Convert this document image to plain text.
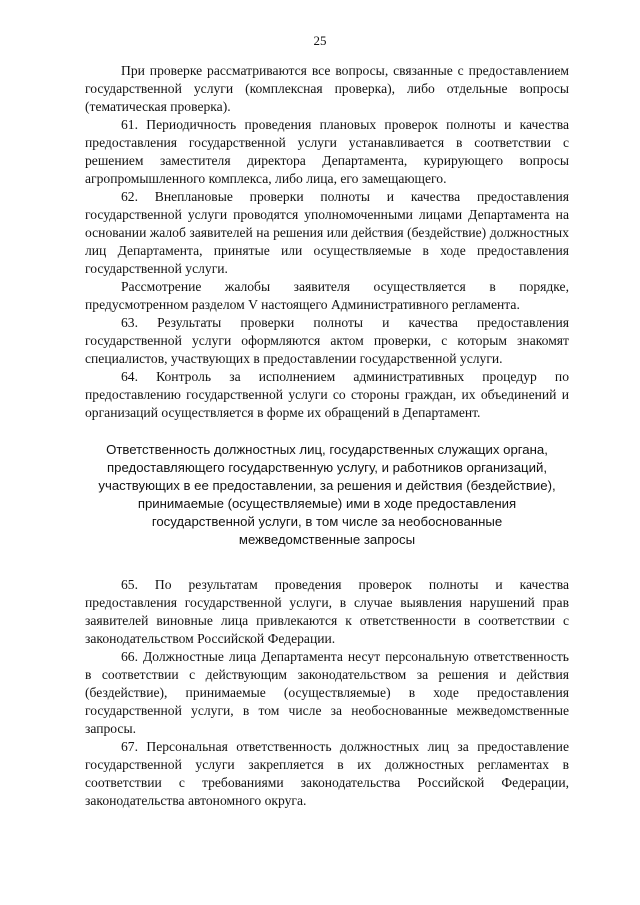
25

При проверке рассматриваются все вопросы, связанные с предоставлением государственной услуги (комплексная проверка), либо отдельные вопросы (тематическая проверка).

61. Периодичность проведения плановых проверок полноты и качества предоставления государственной услуги устанавливается в соответствии с решением заместителя директора Департамента, курирующего вопросы агропромышленного комплекса, либо лица, его замещающего.

62. Внеплановые проверки полноты и качества предоставления государственной услуги проводятся уполномоченными лицами Департамента на основании жалоб заявителей на решения или действия (бездействие) должностных лиц Департамента, принятые или осуществляемые в ходе предоставления государственной услуги.

Рассмотрение жалобы заявителя осуществляется в порядке, предусмотренном разделом V настоящего Административного регламента.

63. Результаты проверки полноты и качества предоставления государственной услуги оформляются актом проверки, с которым знакомят специалистов, участвующих в предоставлении государственной услуги.

64. Контроль за исполнением административных процедур по предоставлению государственной услуги со стороны граждан, их объединений и организаций осуществляется в форме их обращений в Департамент.

Ответственность должностных лиц, государственных служащих органа,
предоставляющего государственную услугу, и работников организаций,
участвующих в ее предоставлении, за решения и действия (бездействие),
принимаемые (осуществляемые) ими в ходе предоставления
государственной услуги, в том числе за необоснованные
межведомственные запросы

65. По результатам проведения проверок полноты и качества предоставления государственной услуги, в случае выявления нарушений прав заявителей виновные лица привлекаются к ответственности в соответствии с законодательством Российской Федерации.

66. Должностные лица Департамента несут персональную ответственность в соответствии с действующим законодательством за решения и действия (бездействие), принимаемые (осуществляемые) в ходе предоставления государственной услуги, в том числе за необоснованные межведомственные запросы.

67. Персональная ответственность должностных лиц за предоставление государственной услуги закрепляется в их должностных регламентах в соответствии с требованиями законодательства Российской Федерации, законодательства автономного округа.
